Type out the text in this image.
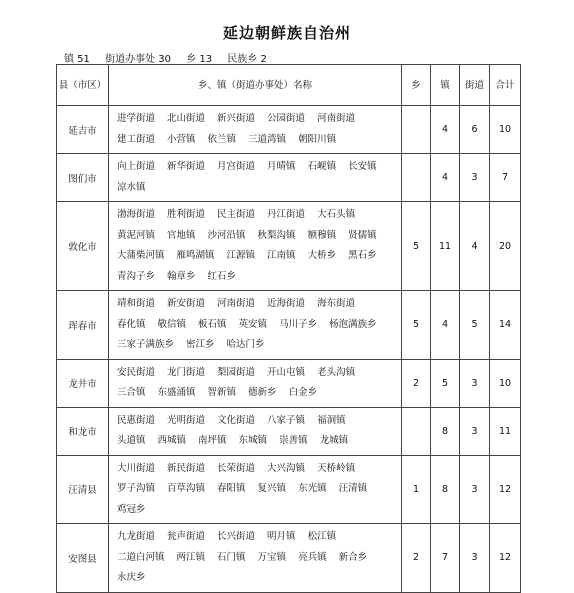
延边朝鲜族自治州
镇 51 街道办事处 30 乡 13 民族乡 2
县（市区）	乡、镇（街道办事处）名称	乡	镇	街道	合计
延吉市	进学街道 北山街道 新兴街道 公园街道 河南街道建工街道 小营镇 依兰镇 三道湾镇 朝阳川镇		4	6	10
图们市	向上街道 新华街道 月宫街道 月晴镇 石岘镇 长安镇凉水镇		4	3	7
敦化市	渤海街道 胜利街道 民主街道 丹江街道 大石头镇黄泥河镇 官地镇 沙河沿镇 秋梨沟镇 额穆镇 贤儒镇大蒲柴河镇 雁鸣湖镇 江源镇 江南镇 大桥乡 黑石乡青沟子乡 翰章乡 红石乡	5	11	4	20
珲春市	靖和街道 新安街道 河南街道 近海街道 海东街道春化镇 敬信镇 板石镇 英安镇 马川子乡 杨泡满族乡三家子满族乡 密江乡 哈达门乡	5	4	5	14
龙井市	安民街道 龙门街道 梨园街道 开山屯镇 老头沟镇三合镇 东盛涌镇 智新镇 德新乡 白金乡	2	5	3	10
和龙市	民惠街道 光明街道 文化街道 八家子镇 福洞镇头道镇 西城镇 南坪镇 东城镇 崇善镇 龙城镇		8	3	11
汪清县	大川街道 新民街道 长荣街道 大兴沟镇 天桥岭镇罗子沟镇 百草沟镇 春阳镇 复兴镇 东光镇 汪清镇鸡冠乡	1	8	3	12
安图县	九龙街道 瓮声街道 长兴街道 明月镇 松江镇二道白河镇 两江镇 石门镇 万宝镇 亮兵镇 新合乡永庆乡	2	7	3	12
